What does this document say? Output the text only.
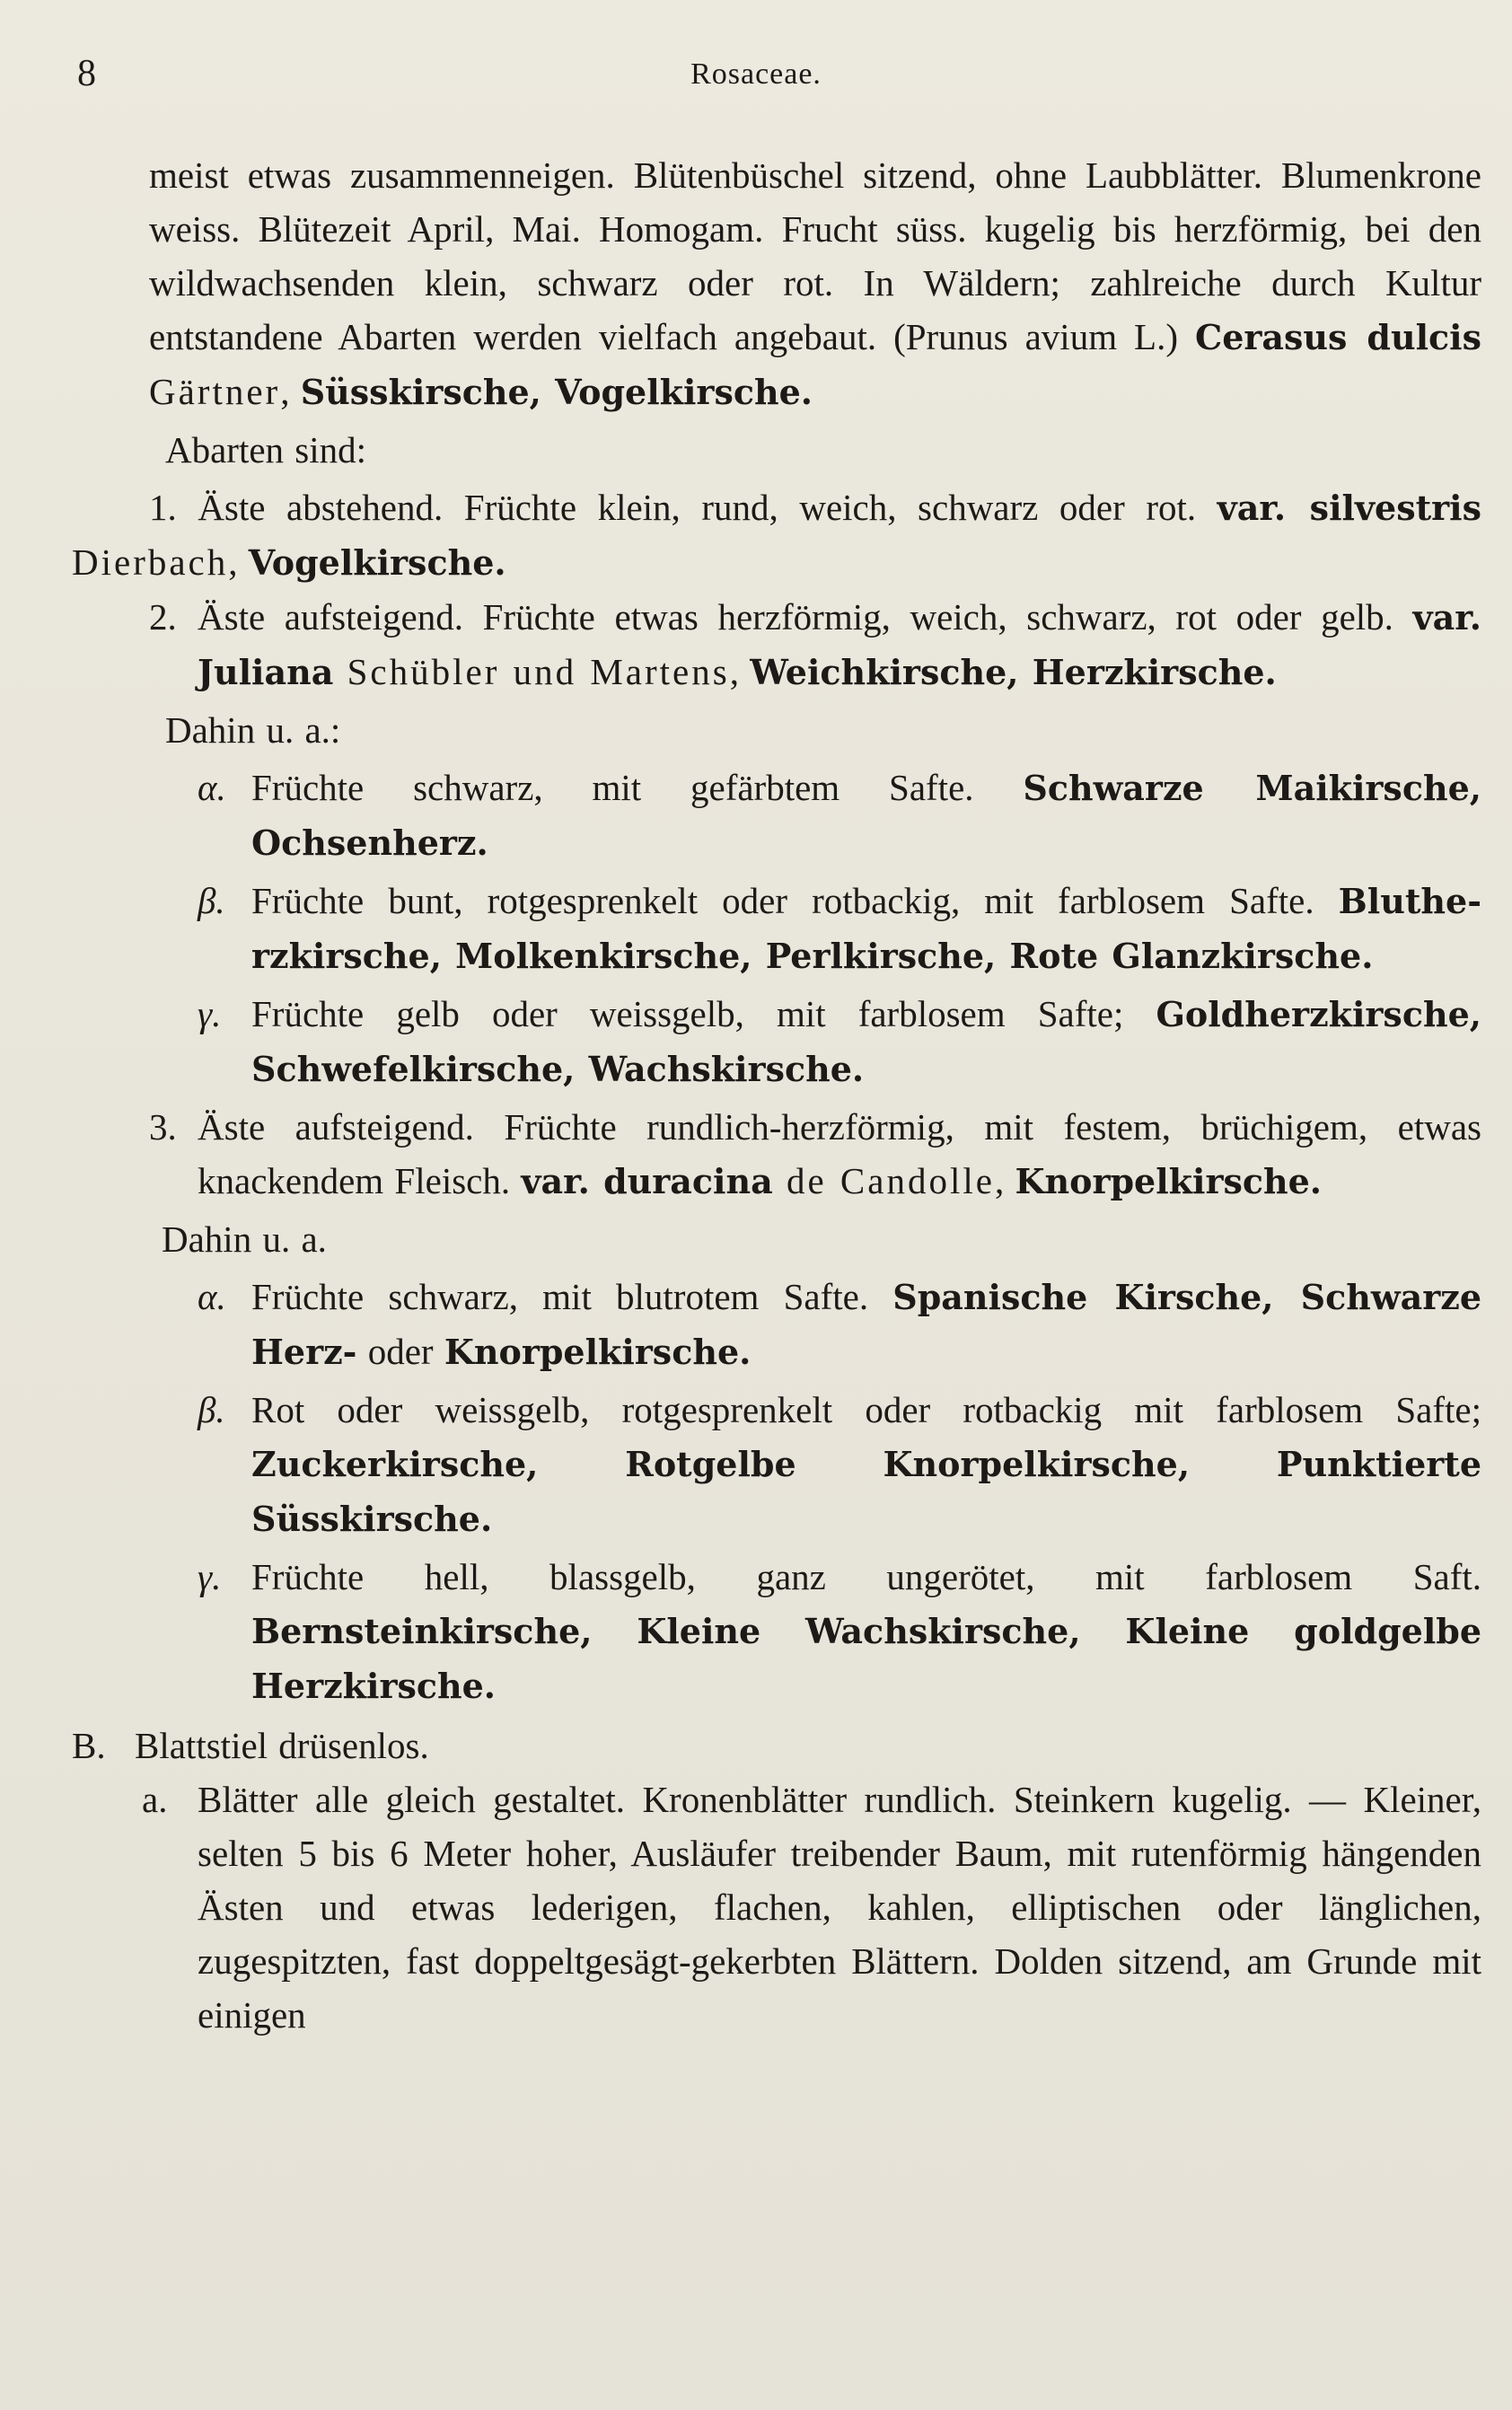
8	Rosaceae.
meist etwas zusammenneigen. Blütenbüschel sitzend, ohne Laubblätter. Blumenkrone weiss. Blütezeit April, Mai. Homogam. Frucht süss. kugelig bis herzförmig, bei den wildwachsenden klein, schwarz oder rot. In Wäldern; zahlreiche durch Kultur entstandene Abarten werden vielfach angebaut. (Prunus avium L.) Cerasus dulcis Gärtner, Süsskirsche, Vogelkirsche.
Abarten sind:
1. Äste abstehend. Früchte klein, rund, weich, schwarz oder rot. var. silvestris Dierbach, Vogelkirsche.
2. Äste aufsteigend. Früchte etwas herzförmig, weich, schwarz, rot oder gelb. var. Juliana Schübler und Martens, Weichkirsche, Herzkirsche.
Dahin u. a.:
α. Früchte schwarz, mit gefärbtem Safte. Schwarze Maikirsche, Ochsenherz.
β. Früchte bunt, rotgesprenkelt oder rotbackig, mit farblosem Safte. Blutherzkirsche, Molkenkirsche, Perlkirsche, Rote Glanzkirsche.
γ. Früchte gelb oder weissgelb, mit farblosem Safte; Goldherzkirsche, Schwefelkirsche, Wachskirsche.
3. Äste aufsteigend. Früchte rundlich-herzförmig, mit festem, brüchigem, etwas knackendem Fleisch. var. duracina de Candolle, Knorpelkirsche.
Dahin u. a.
α. Früchte schwarz, mit blutrotem Safte. Spanische Kirsche, Schwarze Herz- oder Knorpelkirsche.
β. Rot oder weissgelb, rotgesprenkelt oder rotbackig mit farblosem Safte; Zuckerkirsche, Rotgelbe Knorpelkirsche, Punktierte Süsskirsche.
γ. Früchte hell, blassgelb, ganz ungerötet, mit farblosem Saft. Bernsteinkirsche, Kleine Wachskirsche, Kleine goldgelbe Herzkirsche.
B. Blattstiel drüsenlos.
a. Blätter alle gleich gestaltet. Kronenblätter rundlich. Steinkern kugelig. — Kleiner, selten 5 bis 6 Meter hoher, Ausläufer treibender Baum, mit rutenförmig hängenden Ästen und etwas lederigen, flachen, kahlen, elliptischen oder länglichen, zugespitzten, fast doppeltgesägt-gekerbten Blättern. Dolden sitzend, am Grunde mit einigen
